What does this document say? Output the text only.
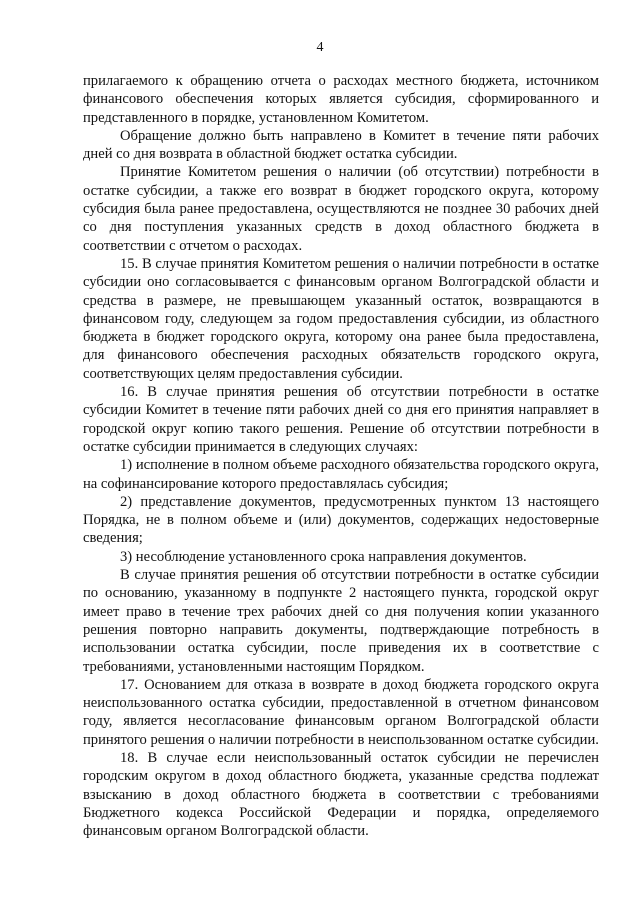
4

прилагаемого к обращению отчета о расходах местного бюджета, источником финансового обеспечения которых является субсидия, сформированного и представленного в порядке, установленном Комитетом.

Обращение должно быть направлено в Комитет в течение пяти рабочих дней со дня возврата в областной бюджет остатка субсидии.

Принятие Комитетом решения о наличии (об отсутствии) потребности в остатке субсидии, а также его возврат в бюджет городского округа, которому субсидия была ранее предоставлена, осуществляются не позднее 30 рабочих дней со дня поступления указанных средств в доход областного бюджета в соответствии с отчетом о расходах.

15. В случае принятия Комитетом решения о наличии потребности в остатке субсидии оно согласовывается с финансовым органом Волгоградской области и средства в размере, не превышающем указанный остаток, возвращаются в финансовом году, следующем за годом предоставления субсидии, из областного бюджета в бюджет городского округа, которому она ранее была предоставлена, для финансового обеспечения расходных обязательств городского округа, соответствующих целям предоставления субсидии.

16. В случае принятия решения об отсутствии потребности в остатке субсидии Комитет в течение пяти рабочих дней со дня его принятия направляет в городской округ копию такого решения. Решение об отсутствии потребности в остатке субсидии принимается в следующих случаях:

1) исполнение в полном объеме расходного обязательства городского округа, на софинансирование которого предоставлялась субсидия;

2) представление документов, предусмотренных пунктом 13 настоящего Порядка, не в полном объеме и (или) документов, содержащих недостоверные сведения;

3) несоблюдение установленного срока направления документов.

В случае принятия решения об отсутствии потребности в остатке субсидии по основанию, указанному в подпункте 2 настоящего пункта, городской округ имеет право в течение трех рабочих дней со дня получения копии указанного решения повторно направить документы, подтверждающие потребность в использовании остатка субсидии, после приведения их в соответствие с требованиями, установленными настоящим Порядком.

17. Основанием для отказа в возврате в доход бюджета городского округа неиспользованного остатка субсидии, предоставленной в отчетном финансовом году, является несогласование финансовым органом Волгоградской области принятого решения о наличии потребности в неиспользованном остатке субсидии.

18. В случае если неиспользованный остаток субсидии не перечислен городским округом в доход областного бюджета, указанные средства подлежат взысканию в доход областного бюджета в соответствии с требованиями Бюджетного кодекса Российской Федерации и порядка, определяемого финансовым органом Волгоградской области.
